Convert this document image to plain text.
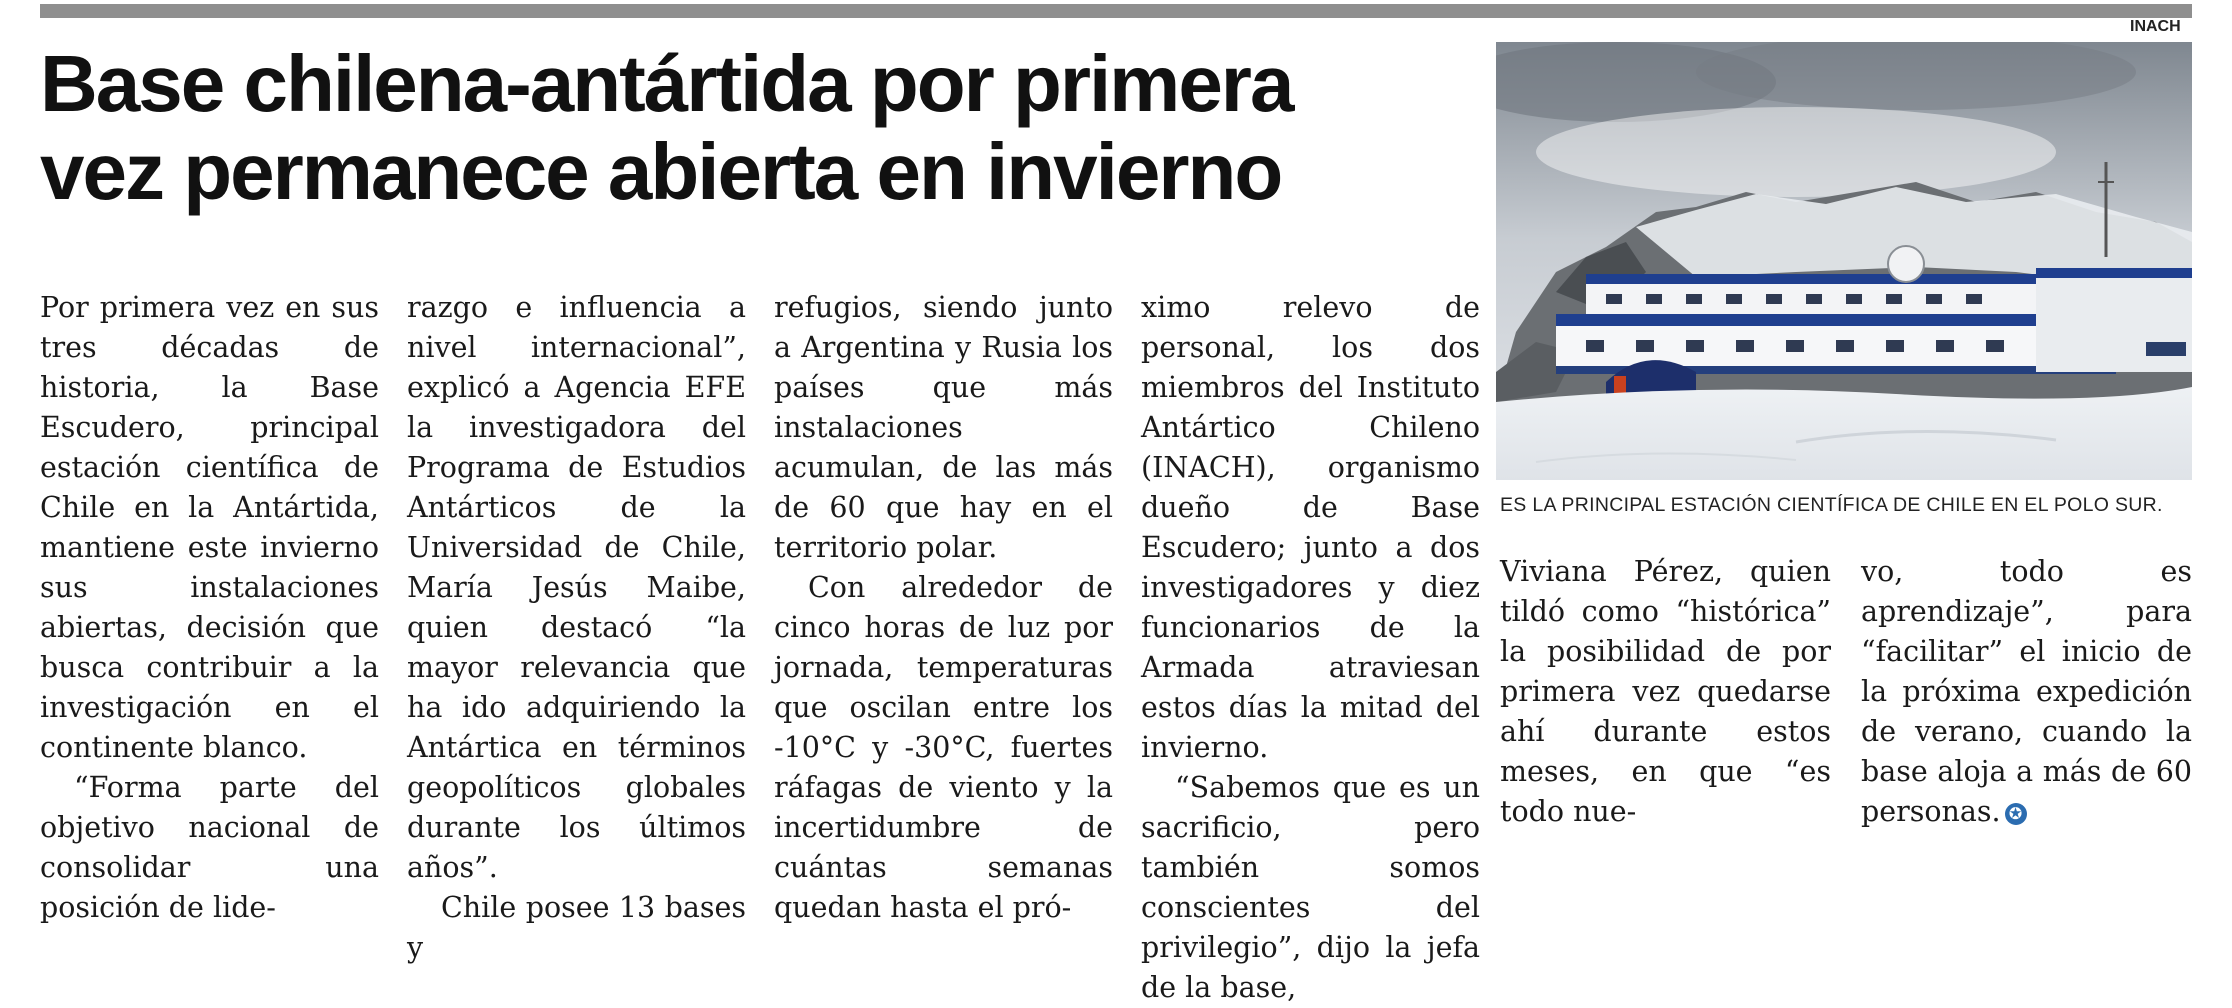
Base chilena-antártida por primera
vez permanece abierta en invierno

Por primera vez en sus tres décadas de historia, la Base Escudero, principal estación científica de Chile en la Antártida, mantiene este invierno sus instalaciones abiertas, decisión que busca contribuir a la investigación en el continente blanco.

“Forma parte del objetivo nacional de consolidar una posición de lide-

razgo e influencia a nivel internacional”, explicó a Agencia EFE la investigadora del Programa de Estudios Antárticos de la Universidad de Chile, María Jesús Maibe, quien destacó “la mayor relevancia que ha ido adquiriendo la Antártica en términos geopolíticos globales durante los últimos años”.

Chile posee 13 bases y

refugios, siendo junto a Argentina y Rusia los países que más instalaciones acumulan, de las más de 60 que hay en el territorio polar.

Con alrededor de cinco horas de luz por jornada, temperaturas que oscilan entre los -10°C y -30°C, fuertes ráfagas de viento y la incertidumbre de cuántas semanas quedan hasta el pró-

ximo relevo de personal, los dos miembros del Instituto Antártico Chileno (INACH), organismo dueño de Base Escudero; junto a dos investigadores y diez funcionarios de la Armada atraviesan estos días la mitad del invierno.

“Sabemos que es un sacrificio, pero también somos conscientes del privilegio”, dijo la jefa de la base,

INACH
ES LA PRINCIPAL ESTACIÓN CIENTÍFICA DE CHILE EN EL POLO SUR.

Viviana Pérez, quien tildó como “histórica” la posibilidad de por primera vez quedarse ahí durante estos meses, en que “es todo nue-

vo, todo es aprendizaje”, para “facilitar” el inicio de la próxima expedición de verano, cuando la base aloja a más de 60 personas. ✪
